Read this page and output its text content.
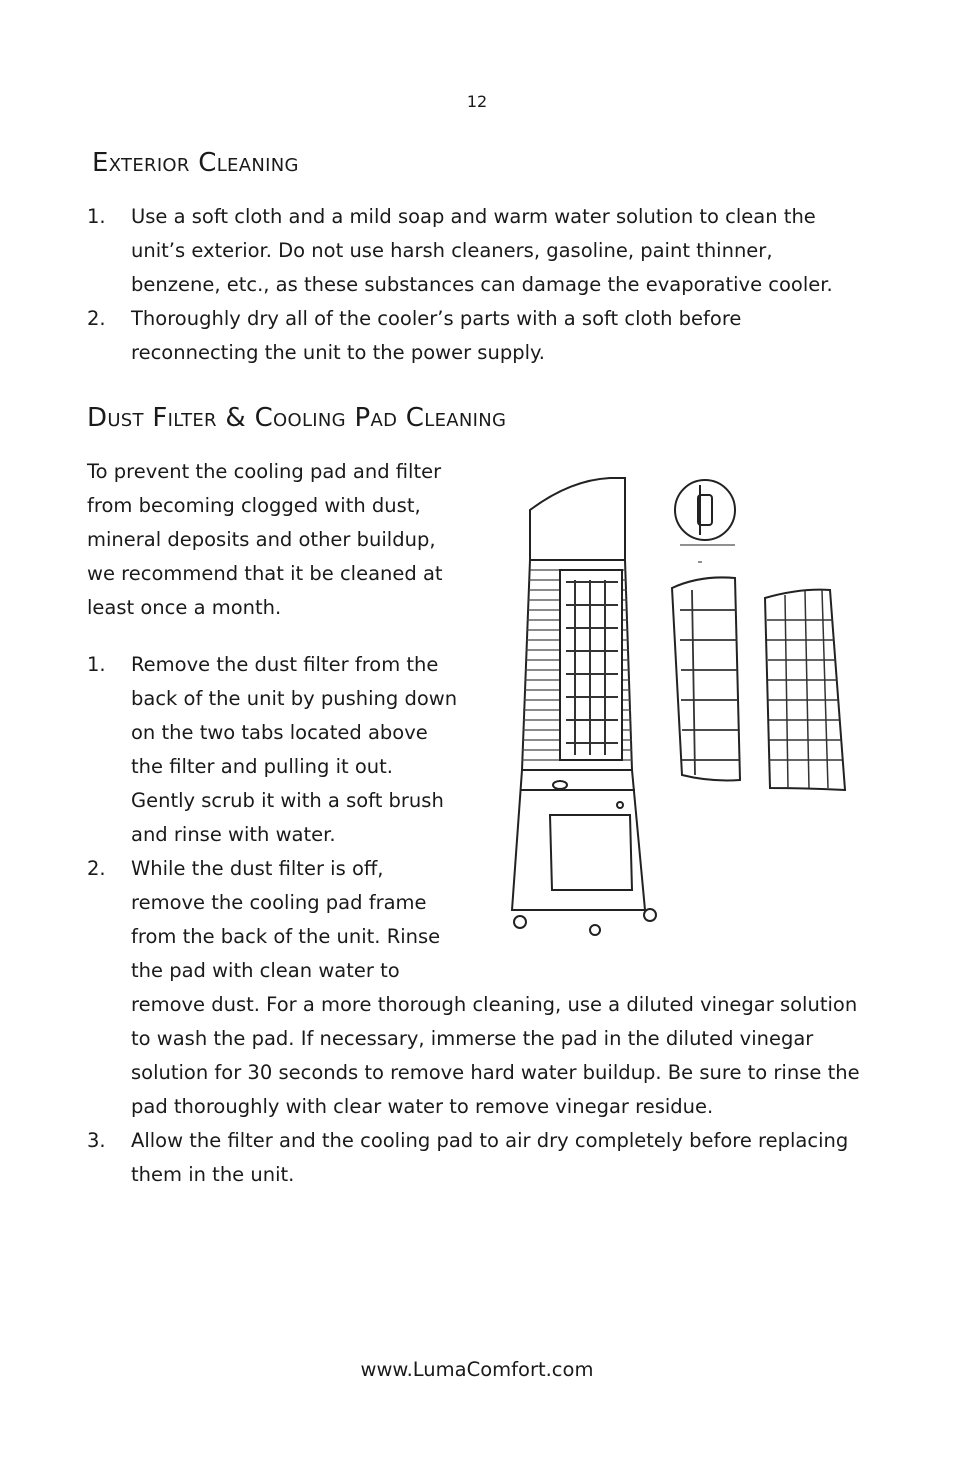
12
Exterior Cleaning
1. Use a soft cloth and a mild soap and warm water solution to clean the
unit’s exterior. Do not use harsh cleaners, gasoline, paint thinner,
benzene, etc., as these substances can damage the evaporative cooler.
2. Thoroughly dry all of the cooler’s parts with a soft cloth before
reconnecting the unit to the power supply.
Dust Filter & Cooling Pad Cleaning
To prevent the cooling pad and filter
from becoming clogged with dust,
mineral deposits and other buildup,
we recommend that it be cleaned at
least once a month.
1. Remove the dust filter from the
back of the unit by pushing down
on the two tabs located above
the filter and pulling it out.
Gently scrub it with a soft brush
and rinse with water.
2. While the dust filter is off,
remove the cooling pad frame
from the back of the unit. Rinse
the pad with clean water to
remove dust. For a more thorough cleaning, use a diluted vinegar solution
to wash the pad. If necessary, immerse the pad in the diluted vinegar
solution for 30 seconds to remove hard water buildup. Be sure to rinse the
pad thoroughly with clear water to remove vinegar residue.
3. Allow the filter and the cooling pad to air dry completely before replacing
them in the unit.
www.LumaComfort.com
